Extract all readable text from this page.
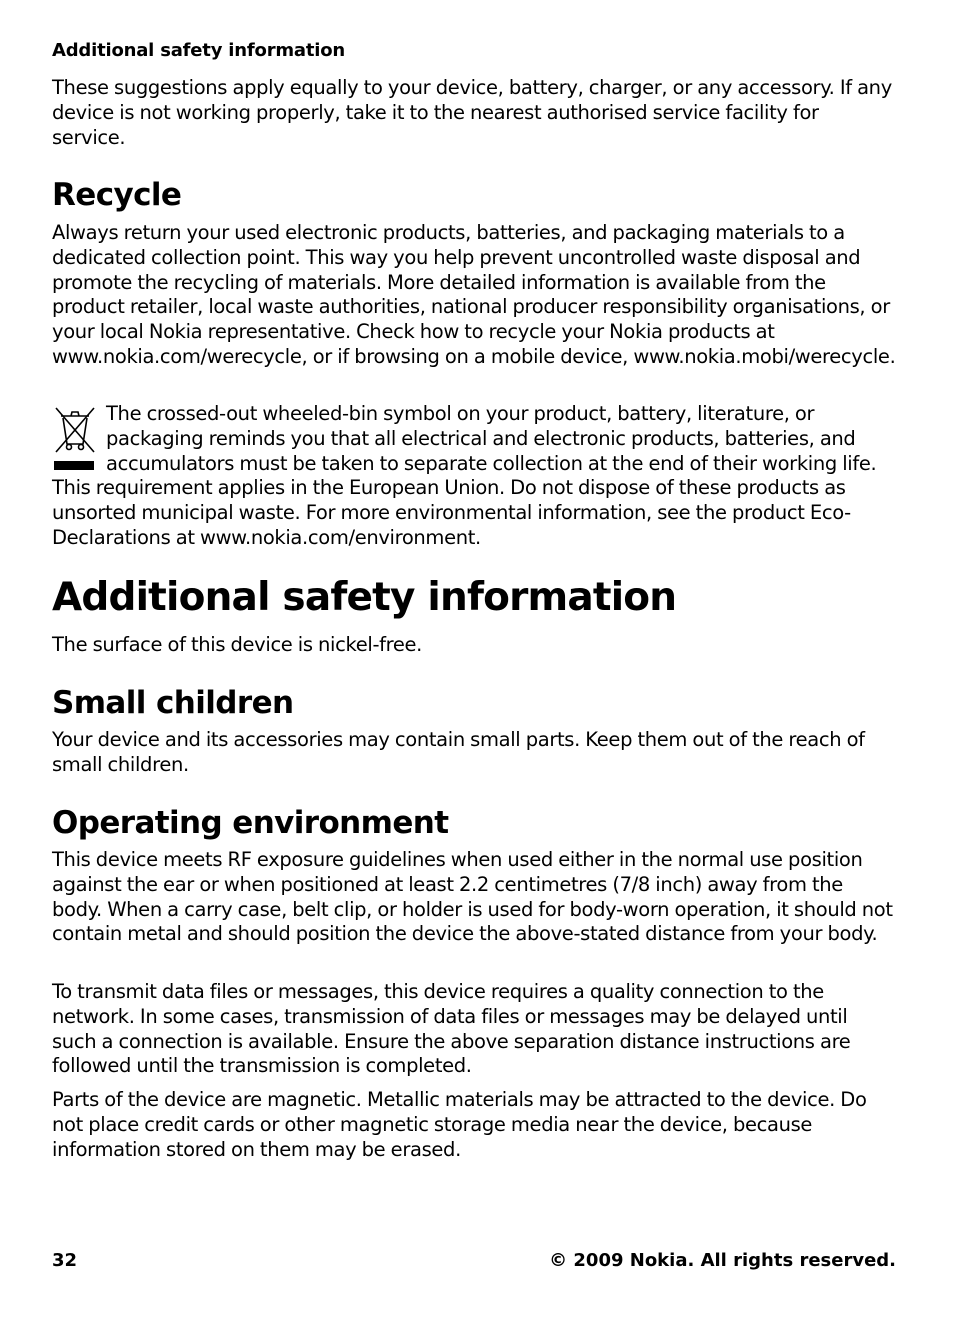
Additional safety information

These suggestions apply equally to your device, battery, charger, or any accessory. If any device is not working properly, take it to the nearest authorised service facility for service.

Recycle

Always return your used electronic products, batteries, and packaging materials to a dedicated collection point. This way you help prevent uncontrolled waste disposal and promote the recycling of materials. More detailed information is available from the product retailer, local waste authorities, national producer responsibility organisations, or your local Nokia representative. Check how to recycle your Nokia products at www.nokia.com/werecycle, or if browsing on a mobile device, www.nokia.mobi/werecycle.

The crossed-out wheeled-bin symbol on your product, battery, literature, or packaging reminds you that all electrical and electronic products, batteries, and accumulators must be taken to separate collection at the end of their working life. This requirement applies in the European Union. Do not dispose of these products as unsorted municipal waste. For more environmental information, see the product Eco-Declarations at www.nokia.com/environment.
Additional safety information

The surface of this device is nickel-free.

Small children

Your device and its accessories may contain small parts. Keep them out of the reach of small children.

Operating environment

This device meets RF exposure guidelines when used either in the normal use position against the ear or when positioned at least 2.2 centimetres (7/8 inch) away from the body. When a carry case, belt clip, or holder is used for body-worn operation, it should not contain metal and should position the device the above-stated distance from your body.

To transmit data files or messages, this device requires a quality connection to the network. In some cases, transmission of data files or messages may be delayed until such a connection is available. Ensure the above separation distance instructions are followed until the transmission is completed.

Parts of the device are magnetic. Metallic materials may be attracted to the device. Do not place credit cards or other magnetic storage media near the device, because information stored on them may be erased.

32	© 2009 Nokia. All rights reserved.
